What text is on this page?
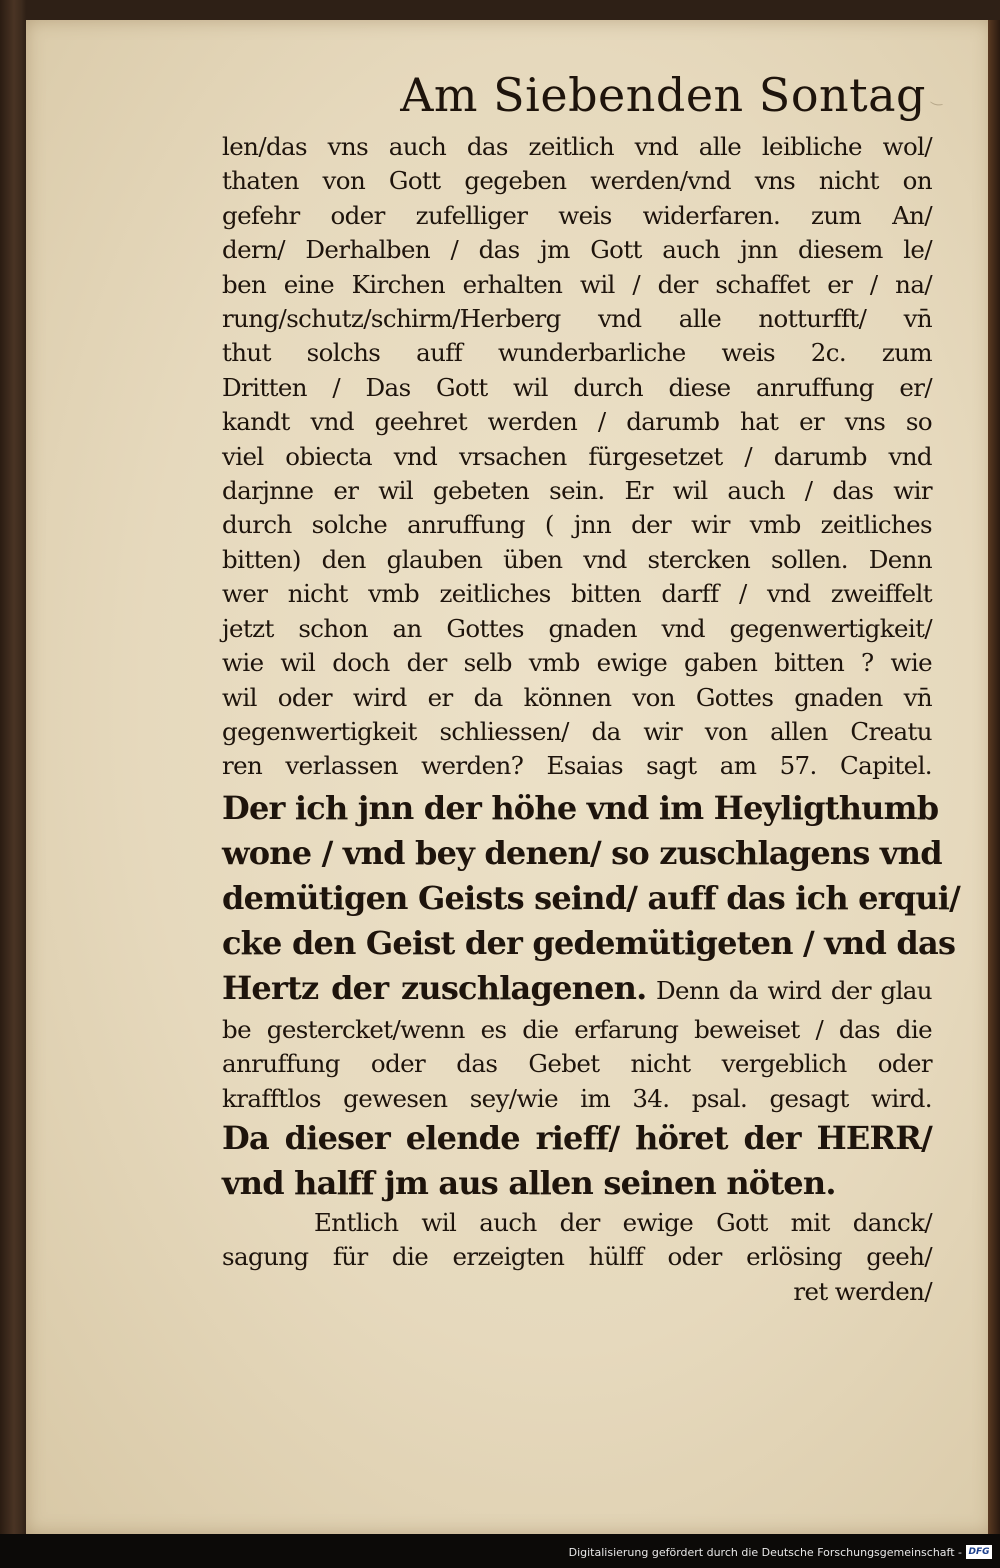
‿
Am Siebenden Sontag
len/das vns auch das zeitlich vnd alle leibliche wol/
thaten von Gott gegeben werden/vnd vns nicht on
gefehr oder zufelliger weis widerfaren. zum An/
dern/ Derhalben / das jm Gott auch jnn diesem le/
ben eine Kirchen erhalten wil / der schaffet er / na/
rung/schutz/schirm/Herberg vnd alle notturfft/ vn̄
thut solchs auff wunderbarliche weis 2c. zum
Dritten / Das Gott wil durch diese anruffung er/
kandt vnd geehret werden / darumb hat er vns so
viel obiecta vnd vrsachen fürgesetzet / darumb vnd
darjnne er wil gebeten sein. Er wil auch / das wir
durch solche anruffung ( jnn der wir vmb zeitliches
bitten) den glauben üben vnd stercken sollen. Denn
wer nicht vmb zeitliches bitten darff / vnd zweiffelt
jetzt schon an Gottes gnaden vnd gegenwertigkeit/
wie wil doch der selb vmb ewige gaben bitten ? wie
wil oder wird er da können von Gottes gnaden vn̄
gegenwertigkeit schliessen/ da wir von allen Creatu
ren verlassen werden? Esaias sagt am 57. Capitel.
Der ich jnn der höhe vnd im Heyligthumb
wone / vnd bey denen/ so zuschlagens vnd
demütigen Geists seind/ auff das ich erqui/
cke den Geist der gedemütigeten / vnd das
Hertz der zuschlagenen. Denn da wird der glau
be gestercket/wenn es die erfarung beweiset / das die
anruffung oder das Gebet nicht vergeblich oder
krafftlos gewesen sey/wie im 34. psal. gesagt wird.
Da dieser elende rieff/ höret der HERR/
vnd halff jm aus allen seinen nöten.
Entlich wil auch der ewige Gott mit danck/
sagung für die erzeigten hülff oder erlösing geeh/
ret werden/
Digitalisierung gefördert durch die Deutsche Forschungsgemeinschaft - DFG
